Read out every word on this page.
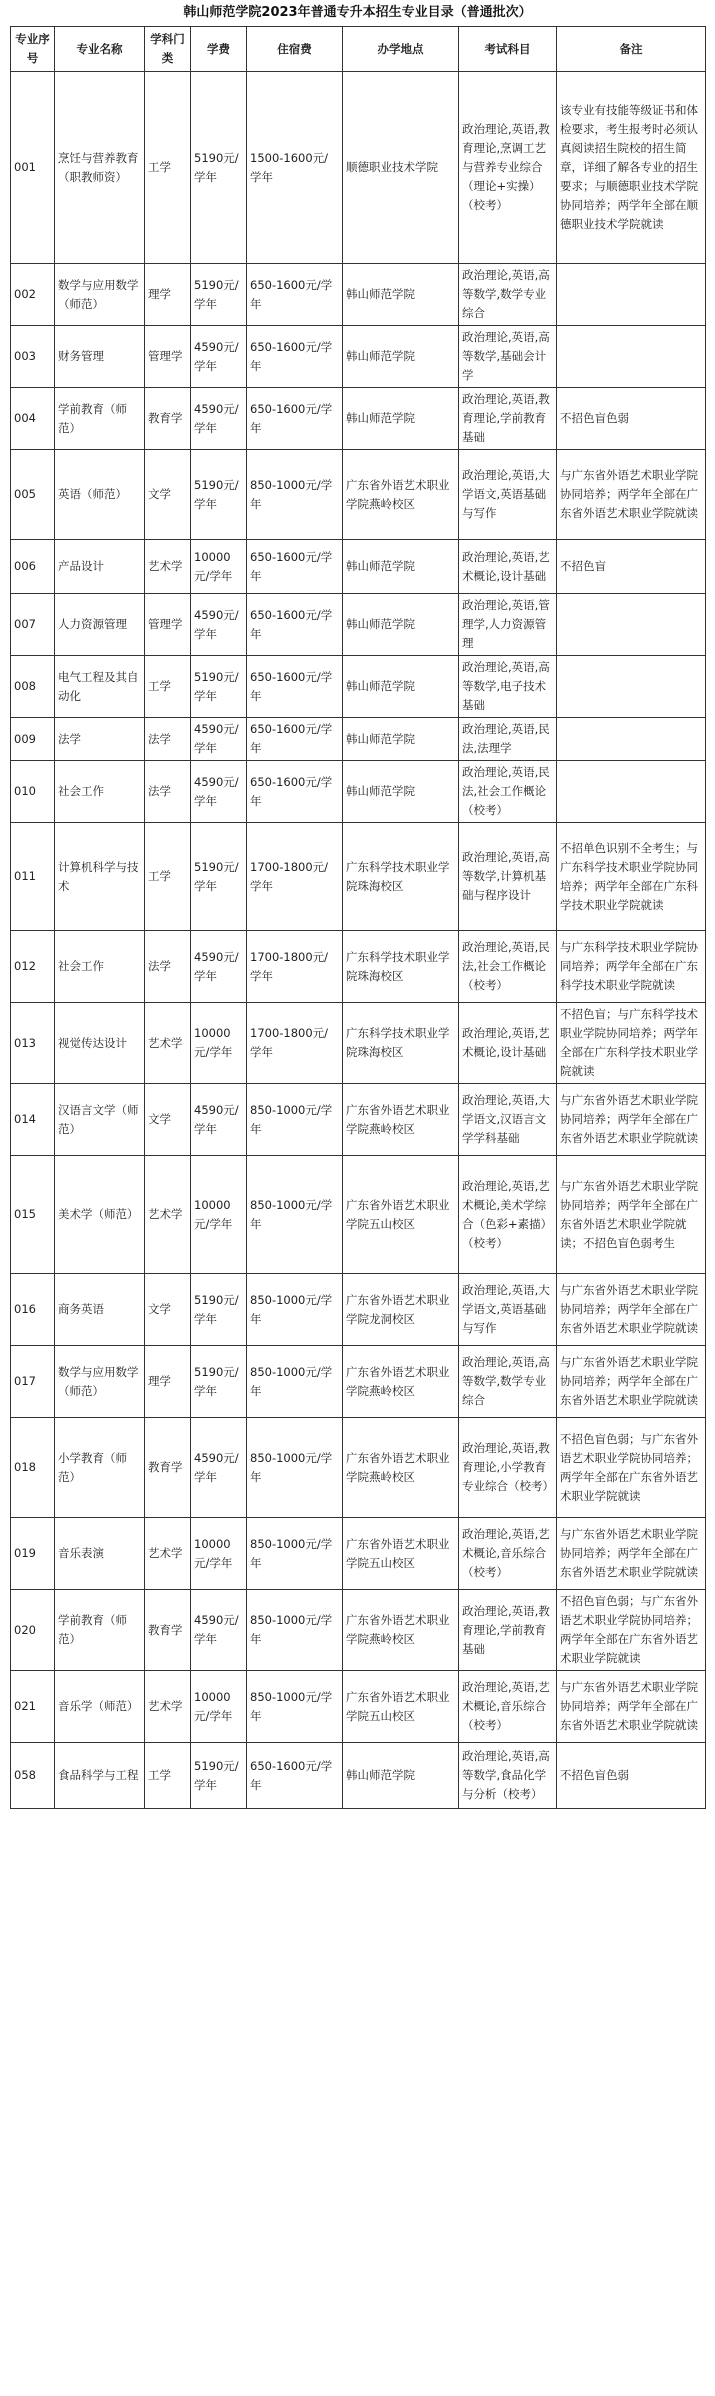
韩山师范学院2023年普通专升本招生专业目录（普通批次）
专业序号	专业名称	学科门类	学费	住宿费	办学地点	考试科目	备注
001	烹饪与营养教育（职教师资）	工学	5190元/学年	1500-1600元/学年	顺德职业技术学院	政治理论,英语,教育理论,烹调工艺与营养专业综合（理论+实操）（校考）	该专业有技能等级证书和体检要求，考生报考时必须认真阅读招生院校的招生简章，详细了解各专业的招生要求；与顺德职业技术学院协同培养；两学年全部在顺德职业技术学院就读
002	数学与应用数学（师范）	理学	5190元/学年	650-1600元/学年	韩山师范学院	政治理论,英语,高等数学,数学专业综合	
003	财务管理	管理学	4590元/学年	650-1600元/学年	韩山师范学院	政治理论,英语,高等数学,基础会计学	
004	学前教育（师范）	教育学	4590元/学年	650-1600元/学年	韩山师范学院	政治理论,英语,教育理论,学前教育基础	不招色盲色弱
005	英语（师范）	文学	5190元/学年	850-1000元/学年	广东省外语艺术职业学院燕岭校区	政治理论,英语,大学语文,英语基础与写作	与广东省外语艺术职业学院协同培养；两学年全部在广东省外语艺术职业学院就读
006	产品设计	艺术学	10000元/学年	650-1600元/学年	韩山师范学院	政治理论,英语,艺术概论,设计基础	不招色盲
007	人力资源管理	管理学	4590元/学年	650-1600元/学年	韩山师范学院	政治理论,英语,管理学,人力资源管理	
008	电气工程及其自动化	工学	5190元/学年	650-1600元/学年	韩山师范学院	政治理论,英语,高等数学,电子技术基础	
009	法学	法学	4590元/学年	650-1600元/学年	韩山师范学院	政治理论,英语,民法,法理学	
010	社会工作	法学	4590元/学年	650-1600元/学年	韩山师范学院	政治理论,英语,民法,社会工作概论（校考）	
011	计算机科学与技术	工学	5190元/学年	1700-1800元/学年	广东科学技术职业学院珠海校区	政治理论,英语,高等数学,计算机基础与程序设计	不招单色识别不全考生；与广东科学技术职业学院协同培养；两学年全部在广东科学技术职业学院就读
012	社会工作	法学	4590元/学年	1700-1800元/学年	广东科学技术职业学院珠海校区	政治理论,英语,民法,社会工作概论（校考）	与广东科学技术职业学院协同培养；两学年全部在广东科学技术职业学院就读
013	视觉传达设计	艺术学	10000元/学年	1700-1800元/学年	广东科学技术职业学院珠海校区	政治理论,英语,艺术概论,设计基础	不招色盲；与广东科学技术职业学院协同培养；两学年全部在广东科学技术职业学院就读
014	汉语言文学（师范）	文学	4590元/学年	850-1000元/学年	广东省外语艺术职业学院燕岭校区	政治理论,英语,大学语文,汉语言文学学科基础	与广东省外语艺术职业学院协同培养；两学年全部在广东省外语艺术职业学院就读
015	美术学（师范）	艺术学	10000元/学年	850-1000元/学年	广东省外语艺术职业学院五山校区	政治理论,英语,艺术概论,美术学综合（色彩+素描）（校考）	与广东省外语艺术职业学院协同培养；两学年全部在广东省外语艺术职业学院就读；不招色盲色弱考生
016	商务英语	文学	5190元/学年	850-1000元/学年	广东省外语艺术职业学院龙洞校区	政治理论,英语,大学语文,英语基础与写作	与广东省外语艺术职业学院协同培养；两学年全部在广东省外语艺术职业学院就读
017	数学与应用数学（师范）	理学	5190元/学年	850-1000元/学年	广东省外语艺术职业学院燕岭校区	政治理论,英语,高等数学,数学专业综合	与广东省外语艺术职业学院协同培养；两学年全部在广东省外语艺术职业学院就读
018	小学教育（师范）	教育学	4590元/学年	850-1000元/学年	广东省外语艺术职业学院燕岭校区	政治理论,英语,教育理论,小学教育专业综合（校考）	不招色盲色弱；与广东省外语艺术职业学院协同培养；两学年全部在广东省外语艺术职业学院就读
019	音乐表演	艺术学	10000元/学年	850-1000元/学年	广东省外语艺术职业学院五山校区	政治理论,英语,艺术概论,音乐综合（校考）	与广东省外语艺术职业学院协同培养；两学年全部在广东省外语艺术职业学院就读
020	学前教育（师范）	教育学	4590元/学年	850-1000元/学年	广东省外语艺术职业学院燕岭校区	政治理论,英语,教育理论,学前教育基础	不招色盲色弱；与广东省外语艺术职业学院协同培养；两学年全部在广东省外语艺术职业学院就读
021	音乐学（师范）	艺术学	10000元/学年	850-1000元/学年	广东省外语艺术职业学院五山校区	政治理论,英语,艺术概论,音乐综合（校考）	与广东省外语艺术职业学院协同培养；两学年全部在广东省外语艺术职业学院就读
058	食品科学与工程	工学	5190元/学年	650-1600元/学年	韩山师范学院	政治理论,英语,高等数学,食品化学与分析（校考）	不招色盲色弱
